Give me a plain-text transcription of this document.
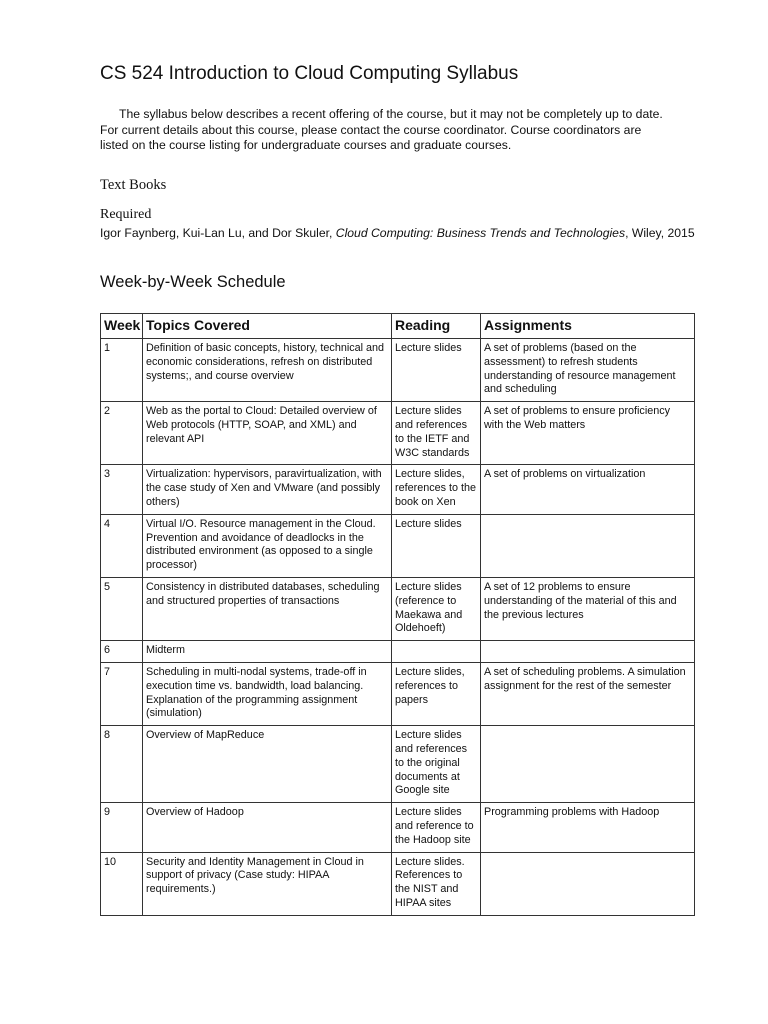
CS 524 Introduction to Cloud Computing Syllabus

The syllabus below describes a recent offering of the course, but it may not be completely up to date. For current details about this course, please contact the course coordinator. Course coordinators are listed on the course listing for undergraduate courses and graduate courses.

Text Books
Required

Igor Faynberg, Kui-Lan Lu, and Dor Skuler, Cloud Computing: Business Trends and Technologies, Wiley, 2015

Week-by-Week Schedule
Week	Topics Covered	Reading	Assignments
1	Definition of basic concepts, history, technical and economic considerations, refresh on distributed systems;, and course overview	Lecture slides	A set of problems (based on the assessment) to refresh students understanding of resource management and scheduling
2	Web as the portal to Cloud: Detailed overview of Web protocols (HTTP, SOAP, and XML) and relevant API	Lecture slides and references to the IETF and W3C standards	A set of problems to ensure proficiency with the Web matters
3	Virtualization: hypervisors, paravirtualization, with the case study of Xen and VMware (and possibly others)	Lecture slides, references to the book on Xen	A set of problems on virtualization
4	Virtual I/O. Resource management in the Cloud. Prevention and avoidance of deadlocks in the distributed environment (as opposed to a single processor)	Lecture slides	
5	Consistency in distributed databases, scheduling and structured properties of transactions	Lecture slides (reference to Maekawa and Oldehoeft)	A set of 12 problems to ensure understanding of the material of this and the previous lectures
6	Midterm		
7	Scheduling in multi-nodal systems, trade-off in execution time vs. bandwidth, load balancing. Explanation of the programming assignment (simulation)	Lecture slides, references to papers	A set of scheduling problems. A simulation assignment for the rest of the semester
8	Overview of MapReduce	Lecture slides and references to the original documents at Google site	
9	Overview of Hadoop	Lecture slides and reference to the Hadoop site	Programming problems with Hadoop
10	Security and Identity Management in Cloud in support of privacy (Case study: HIPAA requirements.)	Lecture slides. References to the NIST and HIPAA sites	
